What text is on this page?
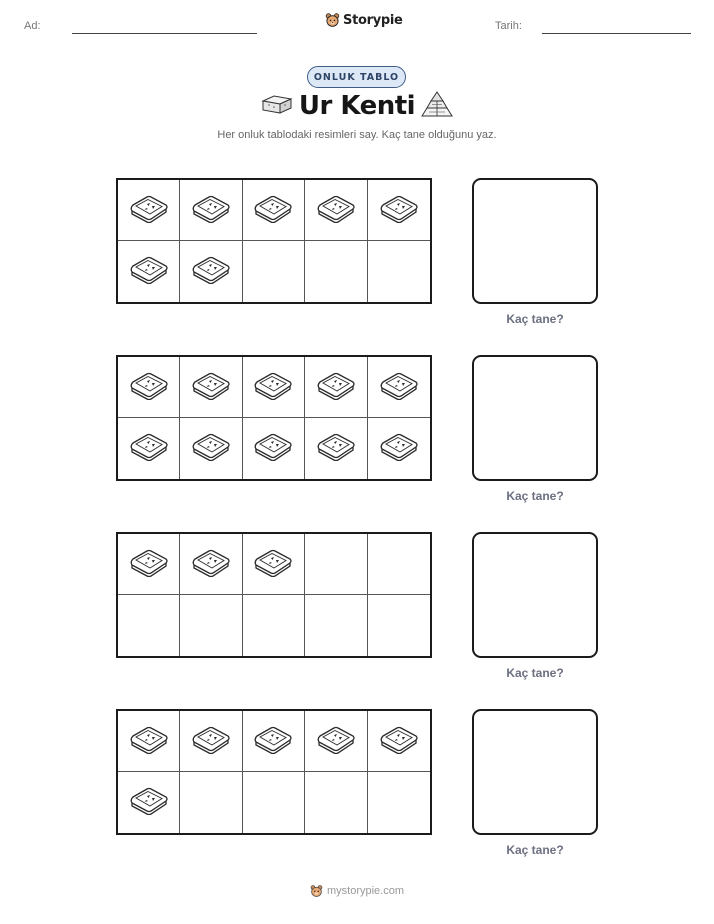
Ad:	Storypie	Tarih:
ONLUK TABLO
Ur Kenti
Her onluk tablodaki resimleri say. Kaç tane olduğunu yaz.
Kaç tane?
Kaç tane?
Kaç tane?
Kaç tane?
mystorypie.com
